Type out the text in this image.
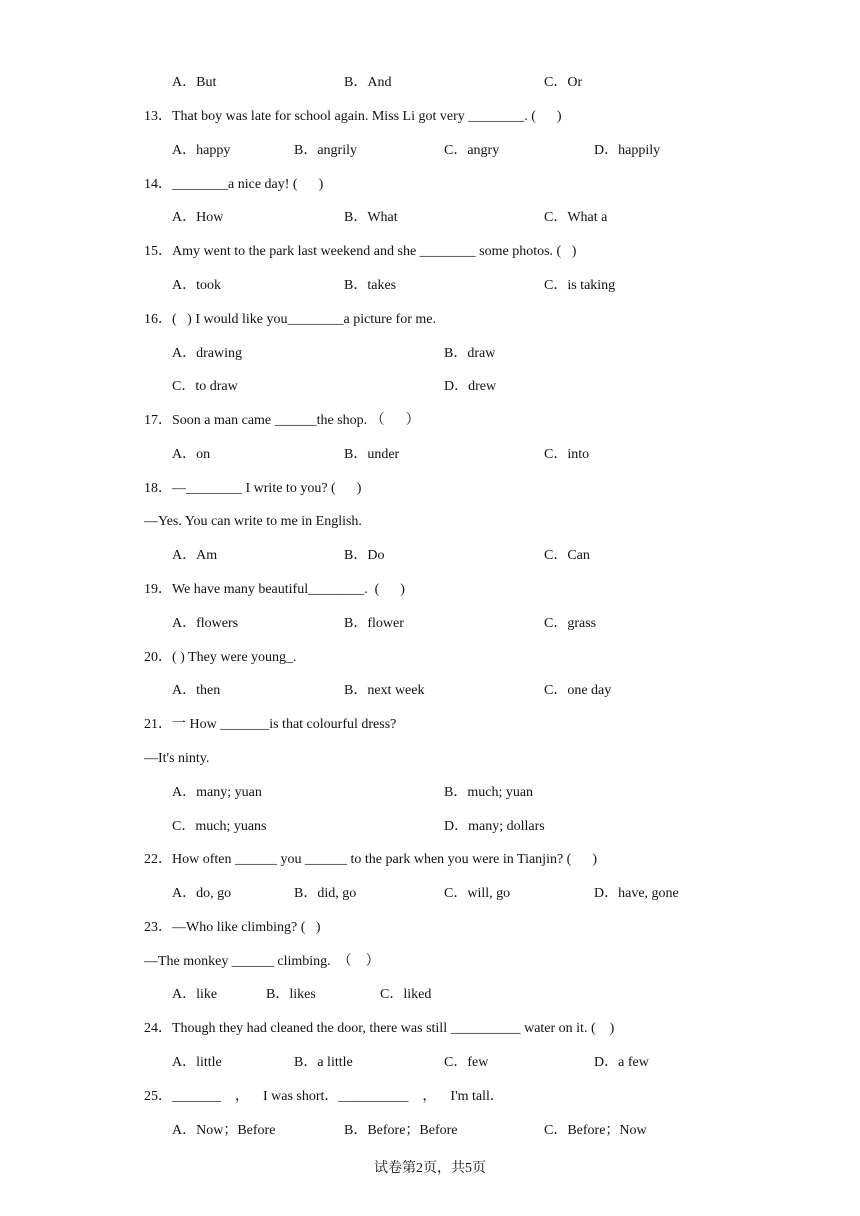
A．But	B．And	C．Or
13．That boy was late for school again. Miss Li got very ________. (      )
A．happy	B．angrily	C．angry	D．happily
14．________a nice day! (      )
A．How	B．What	C．What a
15．Amy went to the park last weekend and she ________ some photos. (   )
A．took	B．takes	C．is taking
16．(   ) I would like you________a picture for me.
A．drawing	B．draw
C．to draw	D．drew
17．Soon a man came ______the shop. （      ）
A．on	B．under	C．into
18．—________ I write to you? (      )
—Yes. You can write to me in English.
A．Am	B．Do	C．Can
19．We have many beautiful________.  (      )
A．flowers	B．flower	C．grass
20．( ) They were young_.
A．then	B．next week	C．one day
21．一 How _______is that colourful dress?
—It's ninty.
A．many; yuan	B．much; yuan
C．much; yuans	D．many; dollars
22．How often ______ you ______ to the park when you were in Tianjin? (      )
A．do, go	B．did, go	C．will, go	D．have, gone
23．—Who like climbing? (   )
—The monkey ______ climbing.  （    ）
A．like	B．likes	C．liked
24．Though they had cleaned the door, there was still __________ water on it. (    )
A．little	B．a little	C．few	D．a few
25．_______    ，    I was short．__________    ，    I'm tall．
A．Now；Before	B．Before；Before	C．Before；Now
试卷第2页，共5页
